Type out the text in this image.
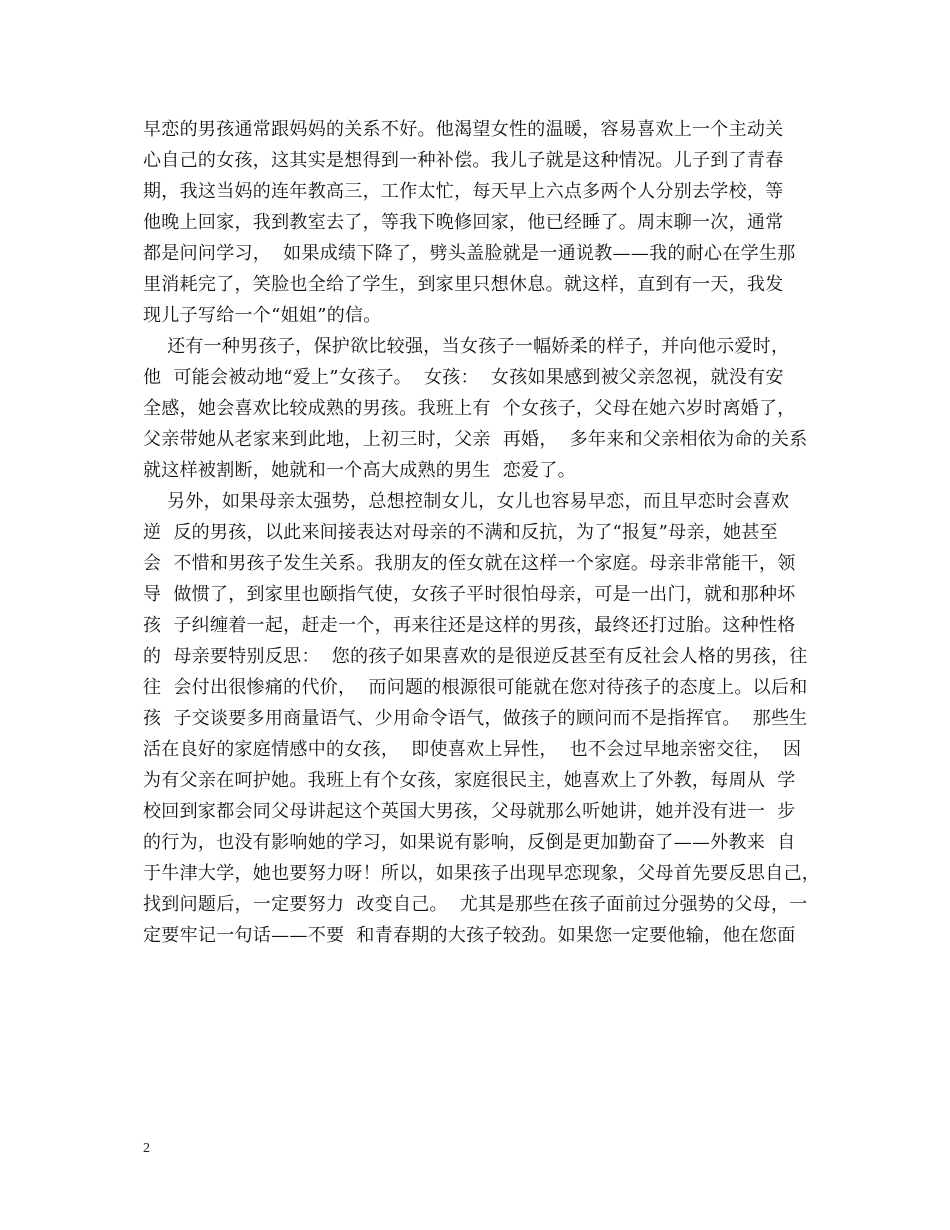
早恋的男孩通常跟妈妈的关系不好。他渴望女性的温暖，容易喜欢上一个主动关
心自己的女孩，这其实是想得到一种补偿。我儿子就是这种情况。儿子到了青春
期，我这当妈的连年教高三，工作太忙，每天早上六点多两个人分别去学校，等
他晚上回家，我到教室去了，等我下晚修回家，他已经睡了。周末聊一次，通常
都是问问学习，  如果成绩下降了，劈头盖脸就是一通说教——我的耐心在学生那
里消耗完了，笑脸也全给了学生，到家里只想休息。就这样，直到有一天，我发
现儿子写给一个“姐姐”的信。
还有一种男孩子，保护欲比较强，当女孩子一幅娇柔的样子，并向他示爱时，
他  可能会被动地“爱上”女孩子。  女孩：  女孩如果感到被父亲忽视，就没有安
全感，她会喜欢比较成熟的男孩。我班上有  个女孩子，父母在她六岁时离婚了，
父亲带她从老家来到此地，上初三时，父亲  再婚，  多年来和父亲相依为命的关系
就这样被割断，她就和一个高大成熟的男生  恋爱了。
另外，如果母亲太强势，总想控制女儿，女儿也容易早恋，而且早恋时会喜欢
逆  反的男孩，以此来间接表达对母亲的不满和反抗，为了“报复”母亲，她甚至
会  不惜和男孩子发生关系。我朋友的侄女就在这样一个家庭。母亲非常能干，领
导  做惯了，到家里也颐指气使，女孩子平时很怕母亲，可是一出门，就和那种坏
孩  子纠缠着一起，赶走一个，再来往还是这样的男孩，最终还打过胎。这种性格
的  母亲要特别反思：  您的孩子如果喜欢的是很逆反甚至有反社会人格的男孩，往
往  会付出很惨痛的代价，  而问题的根源很可能就在您对待孩子的态度上。以后和
孩  子交谈要多用商量语气、少用命令语气，做孩子的顾问而不是指挥官。  那些生
活在良好的家庭情感中的女孩，  即使喜欢上异性，  也不会过早地亲密交往，  因
为有父亲在呵护她。我班上有个女孩，家庭很民主，她喜欢上了外教，每周从  学
校回到家都会同父母讲起这个英国大男孩，父母就那么听她讲，她并没有进一  步
的行为，也没有影响她的学习，如果说有影响，反倒是更加勤奋了——外教来  自
于牛津大学，她也要努力呀！所以，如果孩子出现早恋现象，父母首先要反思自己，
找到问题后，一定要努力  改变自己。  尤其是那些在孩子面前过分强势的父母，一
定要牢记一句话——不要  和青春期的大孩子较劲。如果您一定要他输，他在您面
2
